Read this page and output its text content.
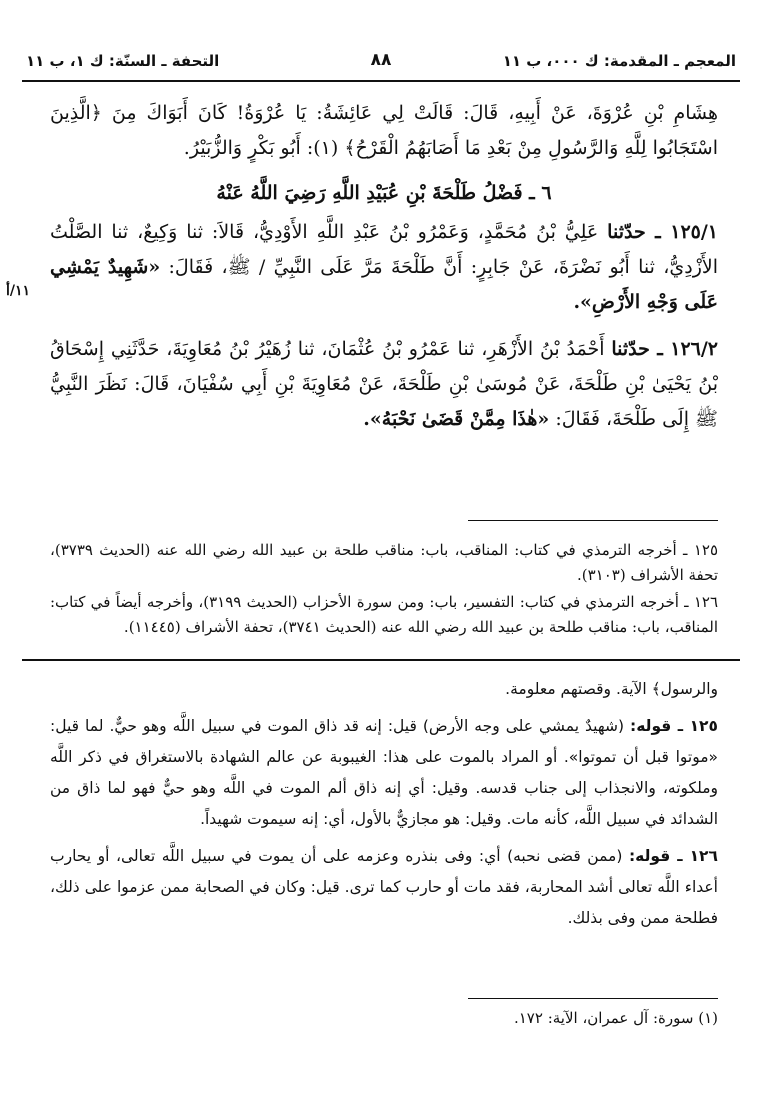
المعجم ـ المقدمة: ك ۰۰۰، ب ۱۱
۸۸
التحفة ـ السنّة: ك ۱، ب ۱۱
١١/أ

هِشَامِ بْنِ عُرْوَةَ، عَنْ أَبِيهِ، قَالَ: قَالَتْ لِي عَائِشَةُ: يَا عُرْوَةُ! كَانَ أَبَوَاكَ مِنَ ﴿الَّذِينَ اسْتَجَابُوا لِلَّهِ وَالرَّسُولِ مِنْ بَعْدِ مَا أَصَابَهُمُ الْقَرْحُ﴾ (١): أَبُو بَكْرٍ وَالزُّبَيْرُ.

٦ ـ فَضْلُ طَلْحَةَ بْنِ عُبَيْدِ اللَّهِ رَضِيَ اللَّهُ عَنْهُ

١٢٥/١ ـ حدّثنا عَلِيُّ بْنُ مُحَمَّدٍ، وَعَمْرُو بْنُ عَبْدِ اللَّهِ الأَوْدِيُّ، قَالاَ: ثنا وَكِيعٌ، ثنا الصَّلْتُ الأَزْدِيُّ، ثنا أَبُو نَضْرَةَ، عَنْ جَابِرٍ: أَنَّ طَلْحَةَ مَرَّ عَلَى النَّبِيِّ / ﷺ، فَقَالَ: «شَهِيدٌ يَمْشِي عَلَى وَجْهِ الأَرْضِ».

١٢٦/٢ ـ حدّثنا أَحْمَدُ بْنُ الأَزْهَرِ، ثنا عَمْرُو بْنُ عُثْمَانَ، ثنا زُهَيْرُ بْنُ مُعَاوِيَةَ، حَدَّثَنِي إِسْحَاقُ بْنُ يَحْيَىٰ بْنِ طَلْحَةَ، عَنْ مُوسَىٰ بْنِ طَلْحَةَ، عَنْ مُعَاوِيَةَ بْنِ أَبِي سُفْيَانَ، قَالَ: نَظَرَ النَّبِيُّ ﷺ إِلَى طَلْحَةَ، فَقَالَ: «هٰذَا مِمَّنْ قَضَىٰ نَحْبَهُ».

١٢٥ ـ أخرجه الترمذي في كتاب: المناقب، باب: مناقب طلحة بن عبيد الله رضي الله عنه (الحديث ٣٧٣٩)، تحفة الأشراف (٣١٠٣).

١٢٦ ـ أخرجه الترمذي في كتاب: التفسير، باب: ومن سورة الأحزاب (الحديث ٣١٩٩)، وأخرجه أيضاً في كتاب: المناقب، باب: مناقب طلحة بن عبيد الله رضي الله عنه (الحديث ٣٧٤١)، تحفة الأشراف (١١٤٤٥).

والرسول﴾ الآية. وقصتهم معلومة.

١٢٥ ـ قوله: (شهيدٌ يمشي على وجه الأرض) قيل: إنه قد ذاق الموت في سبيل اللَّه وهو حيٌّ. لما قيل: «موتوا قبل أن تموتوا». أو المراد بالموت على هذا: الغيبوبة عن عالم الشهادة بالاستغراق في ذكر اللَّه وملكوته، والانجذاب إلى جناب قدسه. وقيل: أي إنه ذاق ألم الموت في اللَّه وهو حيٌّ فهو لما ذاق من الشدائد في سبيل اللَّه، كأنه مات. وقيل: هو مجازيٌّ بالأول، أي: إنه سيموت شهيداً.

١٢٦ ـ قوله: (ممن قضى نحبه) أي: وفى بنذره وعزمه على أن يموت في سبيل اللَّه تعالى، أو يحارب أعداء اللَّه تعالى أشد المحاربة، فقد مات أو حارب كما ترى. قيل: وكان في الصحابة ممن عزموا على ذلك، فطلحة ممن وفى بذلك.

(١) سورة: آل عمران، الآية: ١٧٢.
